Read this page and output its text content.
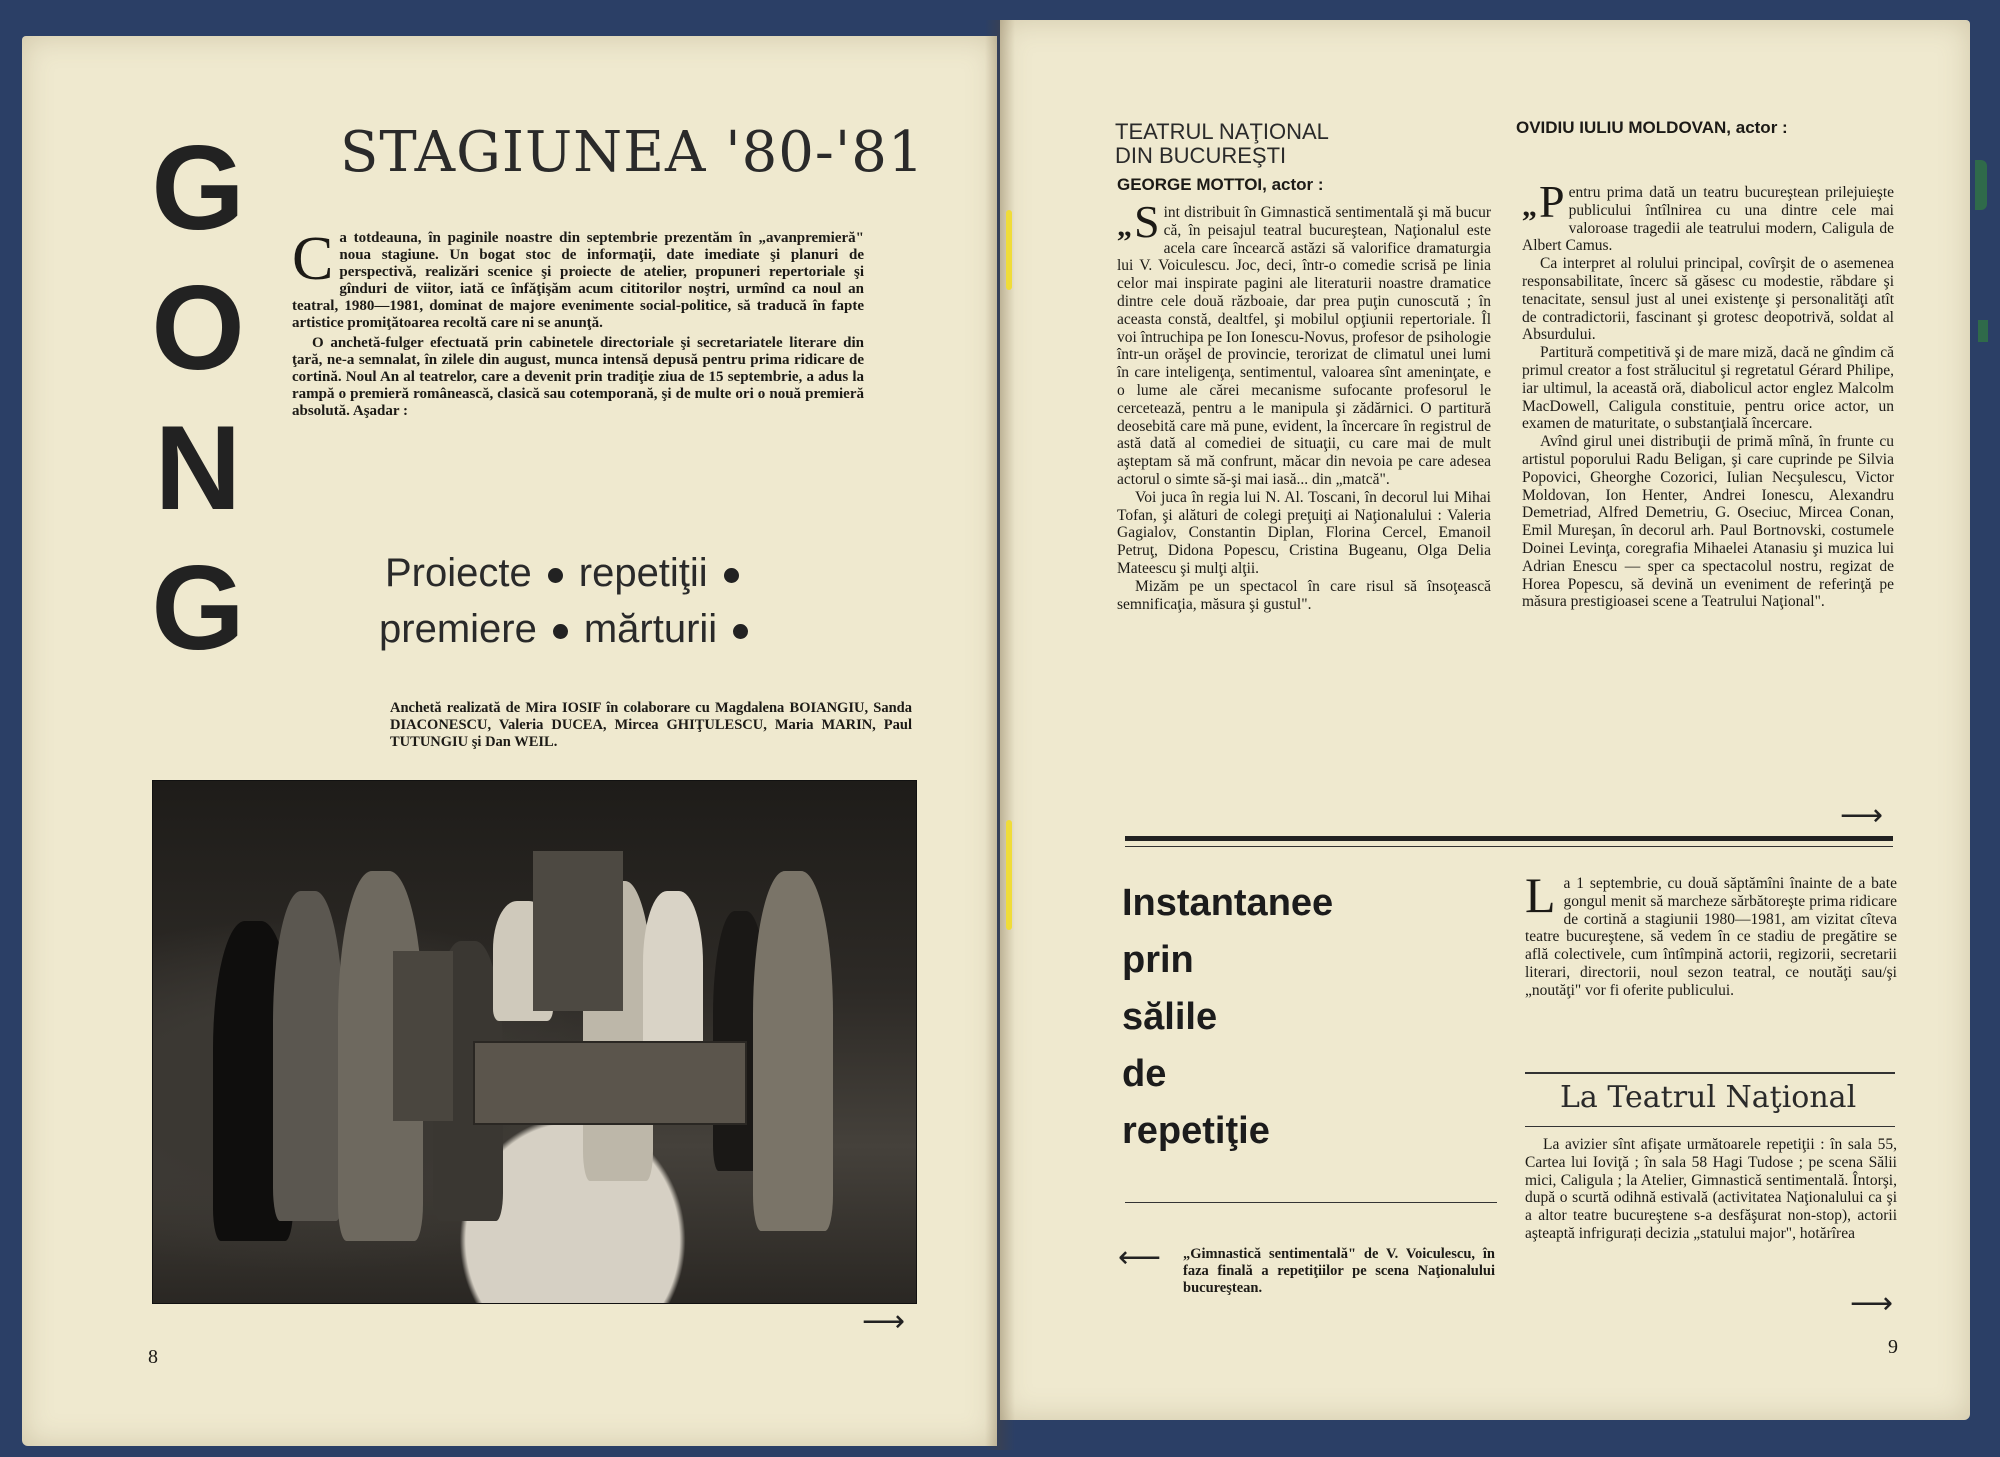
G
O
N
G
STAGIUNEA '80-'81
C a totdeauna, în paginile noastre din septembrie prezentăm în „avanpremieră" noua stagiune. Un bogat stoc de informaţii, date imediate şi planuri de perspectivă, realizări scenice şi proiecte de atelier, propuneri repertoriale şi gînduri de viitor, iată ce înfăţişăm acum cititorilor noştri, urmînd ca noul an teatral, 1980—1981, dominat de majore evenimente social-politice, să traducă în fapte artistice promiţătoarea recoltă care ni se anunţă.
O anchetă-fulger efectuată prin cabinetele directoriale şi secretariatele literare din ţară, ne-a semnalat, în zilele din august, munca intensă depusă pentru prima ridicare de cortină. Noul An al teatrelor, care a devenit prin tradiţie ziua de 15 septembrie, a adus la rampă o premieră românească, clasică sau cotemporană, şi de multe ori o nouă premieră absolută. Aşadar :
Proiecte repetiţii
premiere mărturii
Anchetă realizată de Mira IOSIF în colaborare cu Magdalena BOIANGIU, Sanda DIACONESCU, Valeria DUCEA, Mircea GHIŢULESCU, Maria MARIN, Paul TUTUNGIU şi Dan WEIL.
⟶
8
TEATRUL NAŢIONAL
DIN BUCUREŞTI
GEORGE MOTTOI, actor :

„ S int distribuit în Gimnastică sentimentală şi mă bucur că, în peisajul teatral bucureştean, Naţionalul este acela care încearcă astăzi să valorifice dramaturgia lui V. Voiculescu. Joc, deci, într-o comedie scrisă pe linia celor mai inspirate pagini ale literaturii noastre dramatice dintre cele două războaie, dar prea puţin cunoscută ; în aceasta constă, dealtfel, şi mobilul opţiunii repertoriale. Îl voi întruchipa pe Ion Ionescu-Novus, profesor de psihologie într-un orăşel de provincie, terorizat de climatul unei lumi în care inteligenţa, sentimentul, valoarea sînt ameninţate, e o lume ale cărei mecanisme sufocante profesorul le cercetează, pentru a le manipula şi zădărnici. O partitură deosebită care mă pune, evident, la încercare în registrul de astă dată al comediei de situaţii, cu care mai de mult aşteptam să mă confrunt, măcar din nevoia pe care adesea actorul o simte să-şi mai iasă... din „matcă".

Voi juca în regia lui N. Al. Toscani, în decorul lui Mihai Tofan, şi alături de colegi preţuiţi ai Naţionalului : Valeria Gagialov, Constantin Diplan, Florina Cercel, Emanoil Petruţ, Didona Popescu, Cristina Bugeanu, Olga Delia Mateescu şi mulţi alţii.

Mizăm pe un spectacol în care risul să însoţească semnificaţia, măsura şi gustul".

OVIDIU IULIU MOLDOVAN, actor :

„ P entru prima dată un teatru bucureştean prilejuieşte publicului întîlnirea cu una dintre cele mai valoroase tragedii ale teatrului modern, Caligula de Albert Camus.

Ca interpret al rolului principal, covîrşit de o asemenea responsabilitate, încerc să găsesc cu modestie, răbdare şi tenacitate, sensul just al unei existenţe şi personalităţi atît de contradictorii, fascinant şi grotesc deopotrivă, soldat al Absurdului.

Partitură competitivă şi de mare miză, dacă ne gîndim că primul creator a fost strălucitul şi regretatul Gérard Philipe, iar ultimul, la această oră, diabolicul actor englez Malcolm MacDowell, Caligula constituie, pentru orice actor, un examen de maturitate, o substanţială încercare.

Avînd girul unei distribuţii de primă mînă, în frunte cu artistul poporului Radu Beligan, şi care cuprinde pe Silvia Popovici, Gheorghe Cozorici, Iulian Necşulescu, Victor Moldovan, Ion Henter, Andrei Ionescu, Alexandru Demetriad, Alfred Demetriu, G. Oseciuc, Mircea Conan, Emil Mureşan, în decorul arh. Paul Bortnovski, costumele Doinei Levinţa, coregrafia Mihaelei Atanasiu şi muzica lui Adrian Enescu — sper ca spectacolul nostru, regizat de Horea Popescu, să devină un eveniment de referinţă pe măsura prestigioasei scene a Teatrului Naţional".

⟶
Instantanee
prin
sălile
de
repetiţie
⟵ „Gimnastică sentimentală" de V. Voiculescu, în faza finală a repetiţiilor pe scena Naţionalului bucureştean.

La 1 septembrie, cu două săptămîni înainte de a bate gongul menit să marcheze sărbătoreşte prima ridicare de cortină a stagiunii 1980—1981, am vizitat cîteva teatre bucureştene, să vedem în ce stadiu de pregătire se află colectivele, cum întîmpină actorii, regizorii, secretarii literari, directorii, noul sezon teatral, ce noutăţi sau/şi „noutăţi" vor fi oferite publicului.

La Teatrul Naţional

La avizier sînt afişate următoarele repetiţii : în sala 55, Cartea lui Ioviţă ; în sala 58 Hagi Tudose ; pe scena Sălii mici, Caligula ; la Atelier, Gimnastică sentimentală. Întorşi, după o scurtă odihnă estivală (activitatea Naţionalului ca şi a altor teatre bucureştene s-a desfăşurat non-stop), actorii aşteaptă infrigurați decizia „statului major", hotărîrea

⟶
9
